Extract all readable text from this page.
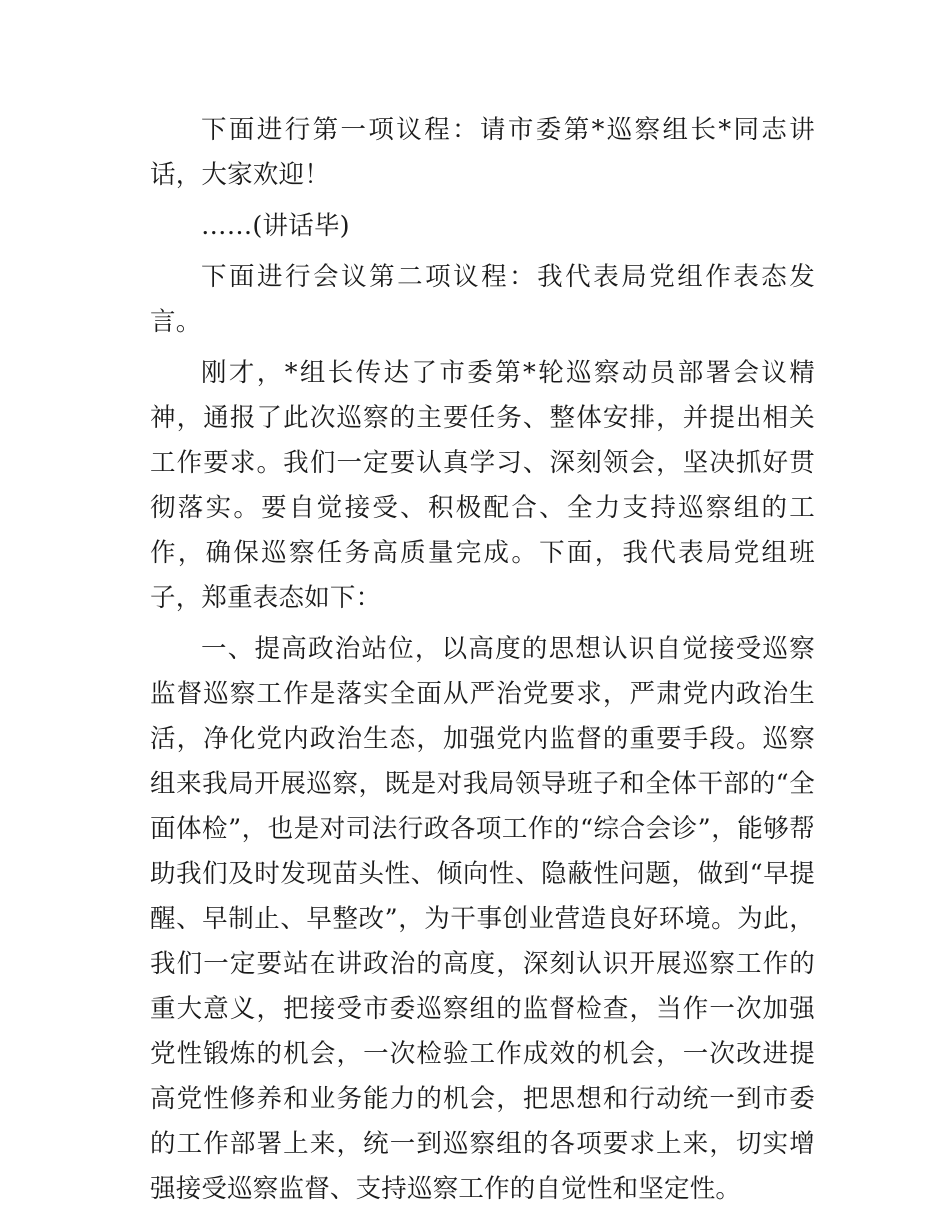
下面进行第一项议程：请市委第*巡察组长*同志讲话，大家欢迎！

……(讲话毕)

下面进行会议第二项议程：我代表局党组作表态发言。

刚才，*组长传达了市委第*轮巡察动员部署会议精神，通报了此次巡察的主要任务、整体安排，并提出相关工作要求。我们一定要认真学习、深刻领会，坚决抓好贯彻落实。要自觉接受、积极配合、全力支持巡察组的工作，确保巡察任务高质量完成。下面，我代表局党组班子，郑重表态如下：

一、提高政治站位，以高度的思想认识自觉接受巡察监督巡察工作是落实全面从严治党要求，严肃党内政治生活，净化党内政治生态，加强党内监督的重要手段。巡察组来我局开展巡察，既是对我局领导班子和全体干部的“全面体检”，也是对司法行政各项工作的“综合会诊”，能够帮助我们及时发现苗头性、倾向性、隐蔽性问题，做到“早提醒、早制止、早整改”，为干事创业营造良好环境。为此，我们一定要站在讲政治的高度，深刻认识开展巡察工作的重大意义，把接受市委巡察组的监督检查，当作一次加强党性锻炼的机会，一次检验工作成效的机会，一次改进提高党性修养和业务能力的机会，把思想和行动统一到市委的工作部署上来，统一到巡察组的各项要求上来，切实增强接受巡察监督、支持巡察工作的自觉性和坚定性。
